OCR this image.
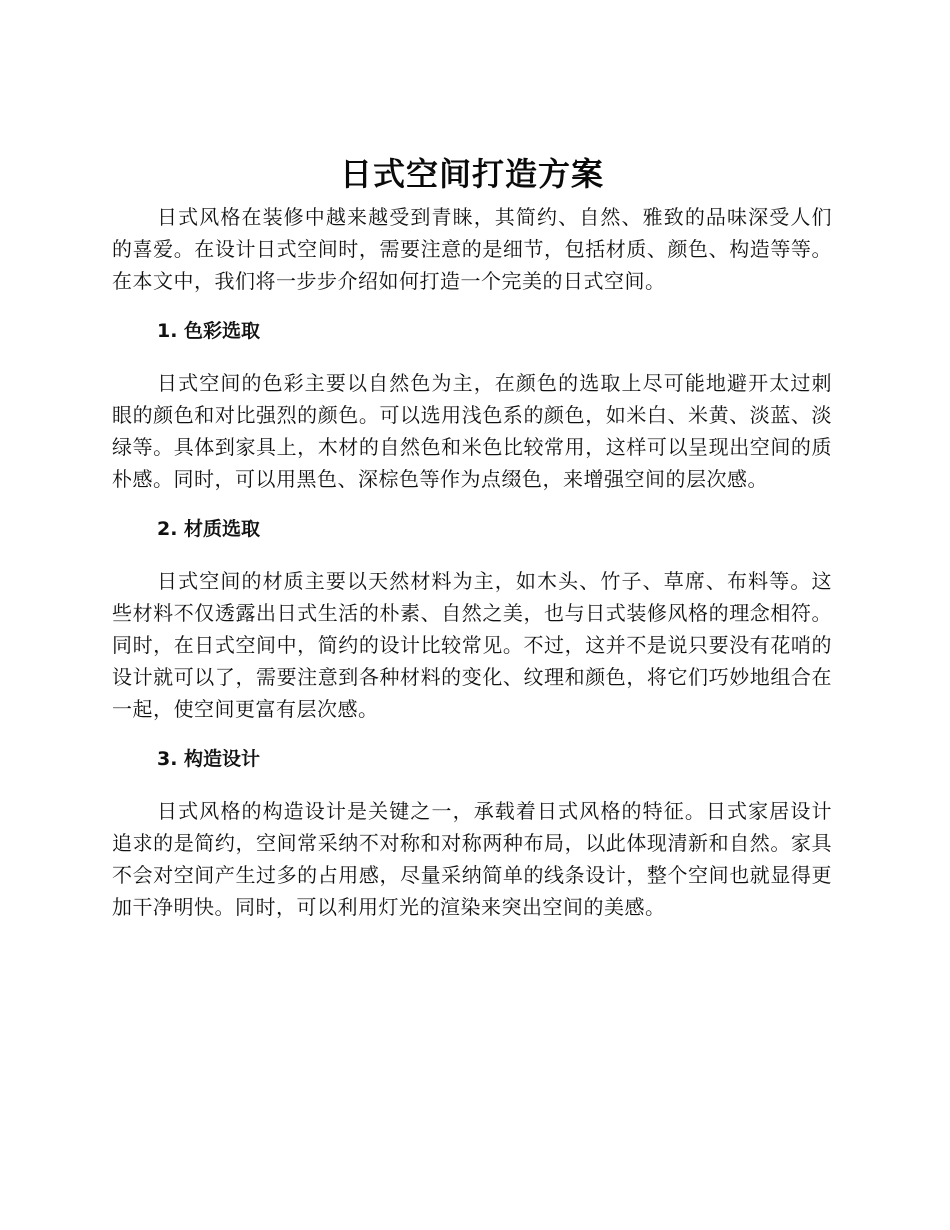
日式空间打造方案

日式风格在装修中越来越受到青睐，其简约、自然、雅致的品味深受人们的喜爱。在设计日式空间时，需要注意的是细节，包括材质、颜色、构造等等。在本文中，我们将一步步介绍如何打造一个完美的日式空间。

1. 色彩选取

日式空间的色彩主要以自然色为主，在颜色的选取上尽可能地避开太过刺眼的颜色和对比强烈的颜色。可以选用浅色系的颜色，如米白、米黄、淡蓝、淡绿等。具体到家具上，木材的自然色和米色比较常用，这样可以呈现出空间的质朴感。同时，可以用黑色、深棕色等作为点缀色，来增强空间的层次感。

2. 材质选取

日式空间的材质主要以天然材料为主，如木头、竹子、草席、布料等。这些材料不仅透露出日式生活的朴素、自然之美，也与日式装修风格的理念相符。同时，在日式空间中，简约的设计比较常见。不过，这并不是说只要没有花哨的设计就可以了，需要注意到各种材料的变化、纹理和颜色，将它们巧妙地组合在一起，使空间更富有层次感。

3. 构造设计

日式风格的构造设计是关键之一，承载着日式风格的特征。日式家居设计追求的是简约，空间常采纳不对称和对称两种布局，以此体现清新和自然。家具不会对空间产生过多的占用感，尽量采纳简单的线条设计，整个空间也就显得更加干净明快。同时，可以利用灯光的渲染来突出空间的美感。
